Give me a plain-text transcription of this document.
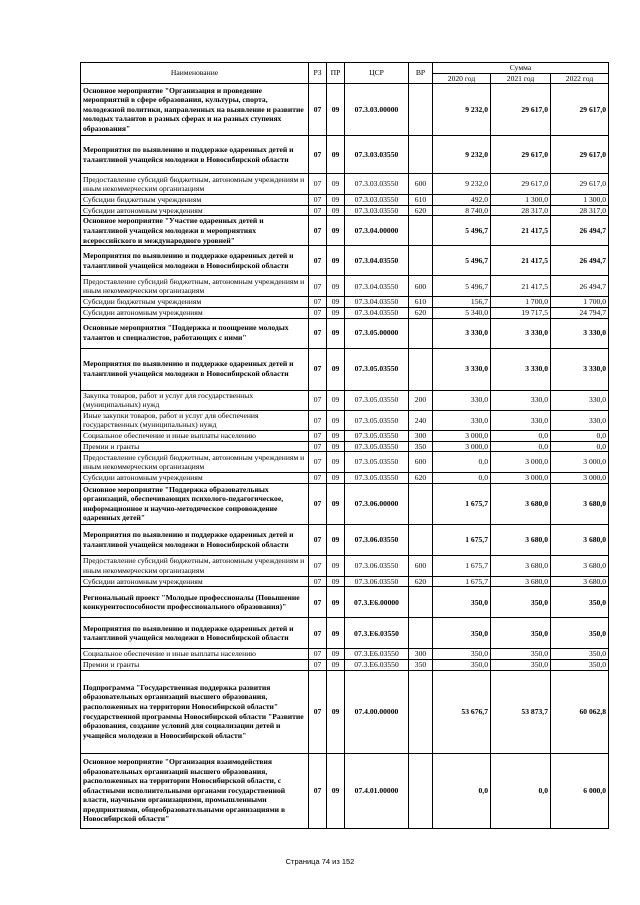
Наименование	РЗ	ПР	ЦСР	ВР	Сумма		
					2020 год	2021 год	2022 год
Основное мероприятие "Организация и проведение мероприятий в сфере образования, культуры, спорта, молодежной политики, направленных на выявление и развитие молодых талантов в разных сферах и на разных ступенях образования"	07	09	07.3.03.00000		9 232,0	29 617,0	29 617,0
Мероприятия по выявлению и поддержке одаренных детей и талантливой учащейся молодежи в Новосибирской области	07	09	07.3.03.03550		9 232,0	29 617,0	29 617,0
Предоставление субсидий бюджетным, автономным учреждениям и иным некоммерческим организациям	07	09	07.3.03.03550	600	9 232,0	29 617,0	29 617,0
Субсидии бюджетным учреждениям	07	09	07.3.03.03550	610	492,0	1 300,0	1 300,0
Субсидии автономным учреждениям	07	09	07.3.03.03550	620	8 740,0	28 317,0	28 317,0
Основное мероприятие "Участие одаренных детей и талантливой учащейся молодежи в мероприятиях всероссийского и международного уровней"	07	09	07.3.04.00000		5 496,7	21 417,5	26 494,7
Мероприятия по выявлению и поддержке одаренных детей и талантливой учащейся молодежи в Новосибирской области	07	09	07.3.04.03550		5 496,7	21 417,5	26 494,7
Предоставление субсидий бюджетным, автономным учреждениям и иным некоммерческим организациям	07	09	07.3.04.03550	600	5 496,7	21 417,5	26 494,7
Субсидии бюджетным учреждениям	07	09	07.3.04.03550	610	156,7	1 700,0	1 700,0
Субсидии автономным учреждениям	07	09	07.3.04.03550	620	5 340,0	19 717,5	24 794,7
Основные мероприятия "Поддержка и поощрение молодых талантов и специалистов, работающих с ними"	07	09	07.3.05.00000		3 330,0	3 330,0	3 330,0
Мероприятия по выявлению и поддержке одаренных детей и талантливой учащейся молодежи в Новосибирской области	07	09	07.3.05.03550		3 330,0	3 330,0	3 330,0
Закупка товаров, работ и услуг для государственных (муниципальных) нужд	07	09	07.3.05.03550	200	330,0	330,0	330,0
Иные закупки товаров, работ и услуг для обеспечения государственных (муниципальных) нужд	07	09	07.3.05.03550	240	330,0	330,0	330,0
Социальное обеспечение и иные выплаты населению	07	09	07.3.05.03550	300	3 000,0	0,0	0,0
Премии и гранты	07	09	07.3.05.03550	350	3 000,0	0,0	0,0
Предоставление субсидий бюджетным, автономным учреждениям и иным некоммерческим организациям	07	09	07.3.05.03550	600	0,0	3 000,0	3 000,0
Субсидии автономным учреждениям	07	09	07.3.05.03550	620	0,0	3 000,0	3 000,0
Основное мероприятие "Поддержка образовательных организаций, обеспечивающих психолого-педагогическое, информационное и научно-методическое сопровождение одаренных детей"	07	09	07.3.06.00000		1 675,7	3 680,0	3 680,0
Мероприятия по выявлению и поддержке одаренных детей и талантливой учащейся молодежи в Новосибирской области	07	09	07.3.06.03550		1 675,7	3 680,0	3 680,0
Предоставление субсидий бюджетным, автономным учреждениям и иным некоммерческим организациям	07	09	07.3.06.03550	600	1 675,7	3 680,0	3 680,0
Субсидии автономным учреждениям	07	09	07.3.06.03550	620	1 675,7	3 680,0	3 680,0
Региональный проект "Молодые профессионалы (Повышение конкурентоспособности профессионального образования)"	07	09	07.3.E6.00000		350,0	350,0	350,0
Мероприятия по выявлению и поддержке одаренных детей и талантливой учащейся молодежи в Новосибирской области	07	09	07.3.E6.03550		350,0	350,0	350,0
Социальное обеспечение и иные выплаты населению	07	09	07.3.E6.03550	300	350,0	350,0	350,0
Премии и гранты	07	09	07.3.E6.03550	350	350,0	350,0	350,0
Подпрограмма "Государственная поддержка развития образовательных организаций высшего образования, расположенных на территории Новосибирской области" государственной программы Новосибирской области "Развитие образования, создание условий для социализации детей и учащейся молодежи в Новосибирской области"	07	09	07.4.00.00000		53 676,7	53 873,7	60 062,8
Основное мероприятие "Организация взаимодействия образовательных организаций высшего образования, расположенных на территории Новосибирской области, с областными исполнительными органами государственной власти, научными организациями, промышленными предприятиями, общеобразовательными организациями в Новосибирской области"	07	09	07.4.01.00000		0,0	0,0	6 000,0
Страница 74 из 152
